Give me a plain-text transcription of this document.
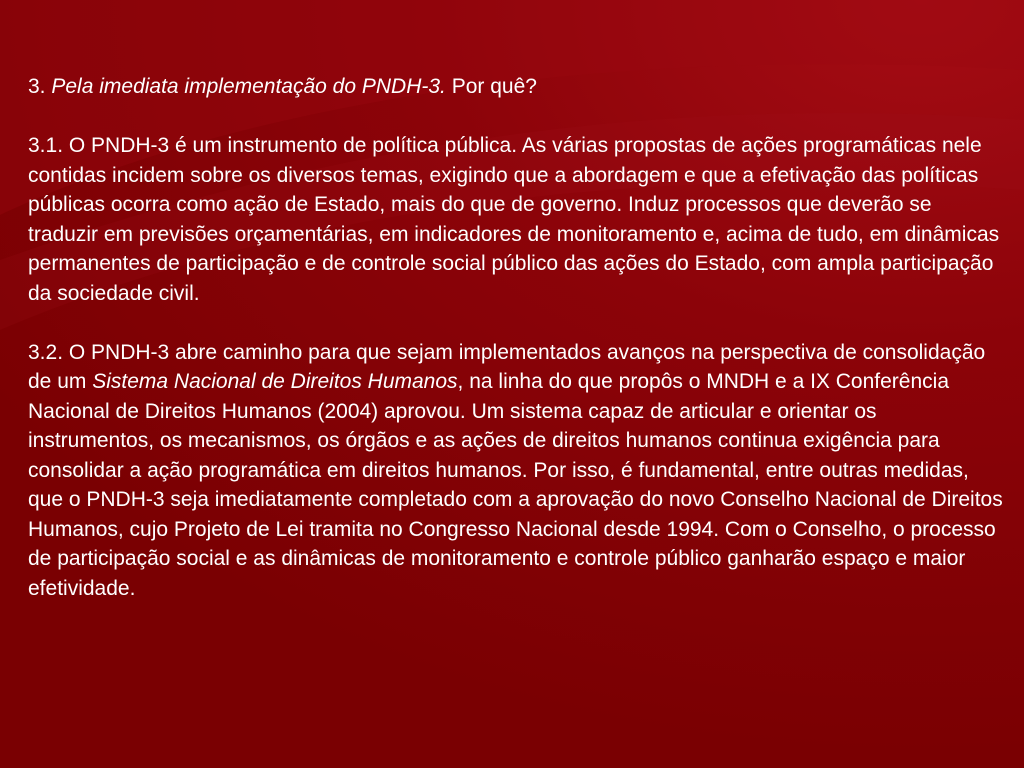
3. Pela imediata implementação do PNDH-3. Por quê?

3.1. O PNDH-3 é um instrumento de política pública. As várias propostas de ações programáticas nele contidas incidem sobre os diversos temas, exigindo que a abordagem e que a efetivação das políticas públicas ocorra como ação de Estado, mais do que de governo. Induz processos que deverão se traduzir em previsões orçamentárias, em indicadores de monitoramento e, acima de tudo, em dinâmicas permanentes de participação e de controle social público das ações do Estado, com ampla participação da sociedade civil.

3.2. O PNDH-3 abre caminho para que sejam implementados avanços na perspectiva de consolidação de um Sistema Nacional de Direitos Humanos, na linha do que propôs o MNDH e a IX Conferência Nacional de Direitos Humanos (2004) aprovou. Um sistema capaz de articular e orientar os instrumentos, os mecanismos, os órgãos e as ações de direitos humanos continua exigência para consolidar a ação programática em direitos humanos. Por isso, é fundamental, entre outras medidas, que o PNDH-3 seja imediatamente completado com a aprovação do novo Conselho Nacional de Direitos Humanos, cujo Projeto de Lei tramita no Congresso Nacional desde 1994. Com o Conselho, o processo de participação social e as dinâmicas de monitoramento e controle público ganharão espaço e maior efetividade.
